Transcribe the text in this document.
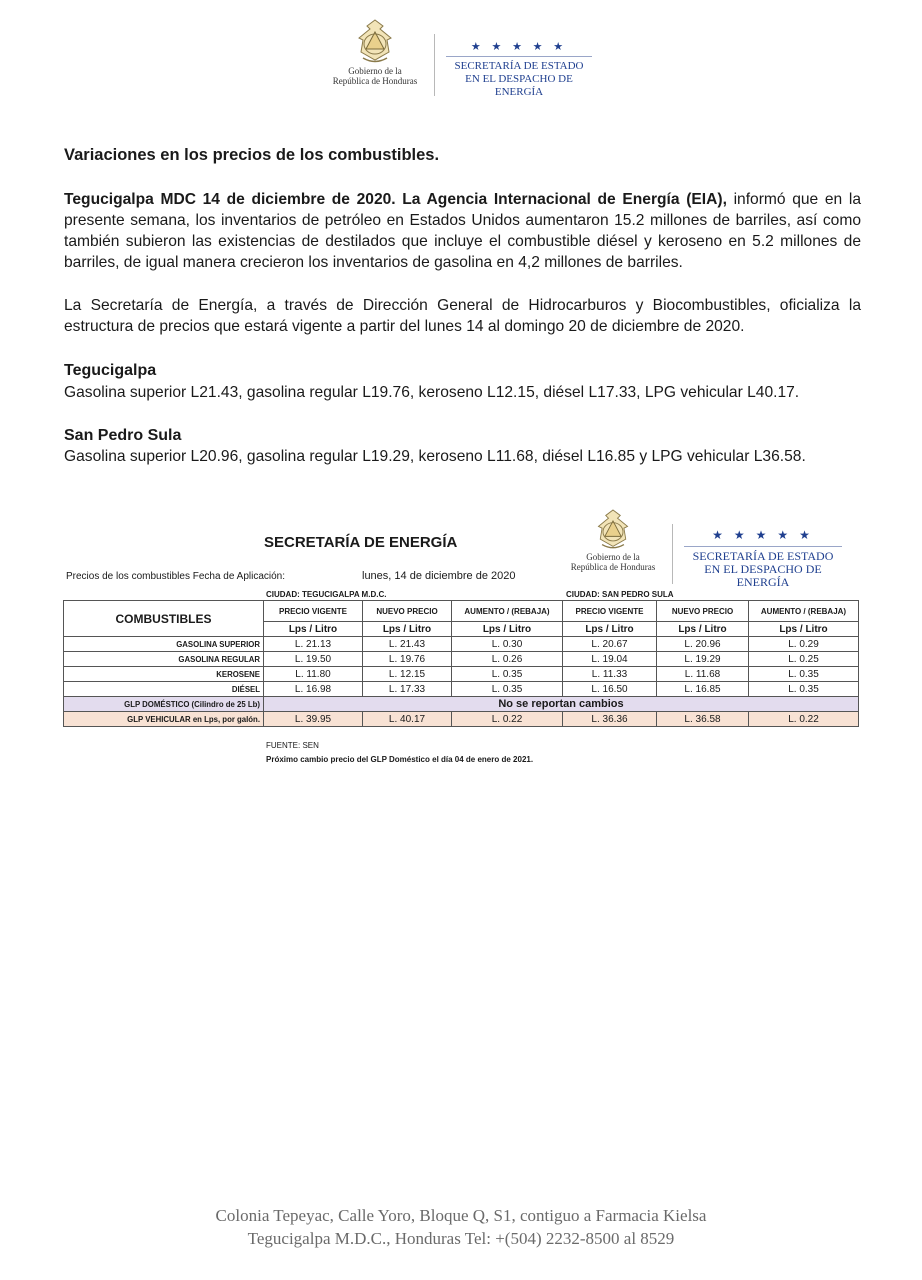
Gobierno de la
República de Honduras
★ ★ ★ ★ ★
SECRETARÍA DE ESTADO
EN EL DESPACHO DE ENERGÍA
Variaciones en los precios de los combustibles.
Tegucigalpa MDC 14 de diciembre de 2020. La Agencia Internacional de Energía (EIA), informó que en la presente semana, los inventarios de petróleo en Estados Unidos aumentaron 15.2 millones de barriles, así como también subieron las existencias de destilados que incluye el combustible diésel y keroseno en 5.2 millones de barriles, de igual manera crecieron los inventarios de gasolina en 4,2 millones de barriles.
La Secretaría de Energía, a través de Dirección General de Hidrocarburos y Biocombustibles, oficializa la estructura de precios que estará vigente a partir del lunes 14 al domingo 20 de diciembre de 2020.
Tegucigalpa
Gasolina superior L21.43, gasolina regular L19.76, keroseno L12.15, diésel L17.33, LPG vehicular L40.17.
San Pedro Sula
Gasolina superior L20.96, gasolina regular L19.29, keroseno L11.68, diésel L16.85 y LPG vehicular L36.58.
SECRETARÍA DE ENERGÍA
Gobierno de la
República de Honduras
★ ★ ★ ★ ★
SECRETARÍA DE ESTADO
EN EL DESPACHO DE ENERGÍA
Precios de los combustibles Fecha de Aplicación:	lunes, 14 de diciembre de 2020
CIUDAD: TEGUCIGALPA M.D.C.	CIUDAD: SAN PEDRO SULA
COMBUSTIBLES	PRECIO VIGENTE	NUEVO PRECIO	AUMENTO / (REBAJA)	PRECIO VIGENTE	NUEVO PRECIO	AUMENTO / (REBAJA)
	Lps / Litro	Lps / Litro	Lps / Litro	Lps / Litro	Lps / Litro	Lps / Litro
GASOLINA SUPERIOR	L. 21.13	L. 21.43	L. 0.30	L. 20.67	L. 20.96	L. 0.29
GASOLINA REGULAR	L. 19.50	L. 19.76	L. 0.26	L. 19.04	L. 19.29	L. 0.25
KEROSENE	L. 11.80	L. 12.15	L. 0.35	L. 11.33	L. 11.68	L. 0.35
DIÉSEL	L. 16.98	L. 17.33	L. 0.35	L. 16.50	L. 16.85	L. 0.35
GLP DOMÉSTICO (Cilindro de 25 Lb)	No se reportan cambios					
GLP VEHICULAR en Lps, por galón.	L. 39.95	L. 40.17	L. 0.22	L. 36.36	L. 36.58	L. 0.22
FUENTE: SEN
Próximo cambio precio del GLP Doméstico el día 04 de enero de 2021.
Colonia Tepeyac, Calle Yoro, Bloque Q, S1, contiguo a Farmacia Kielsa
Tegucigalpa M.D.C., Honduras Tel: +(504) 2232-8500 al 8529
